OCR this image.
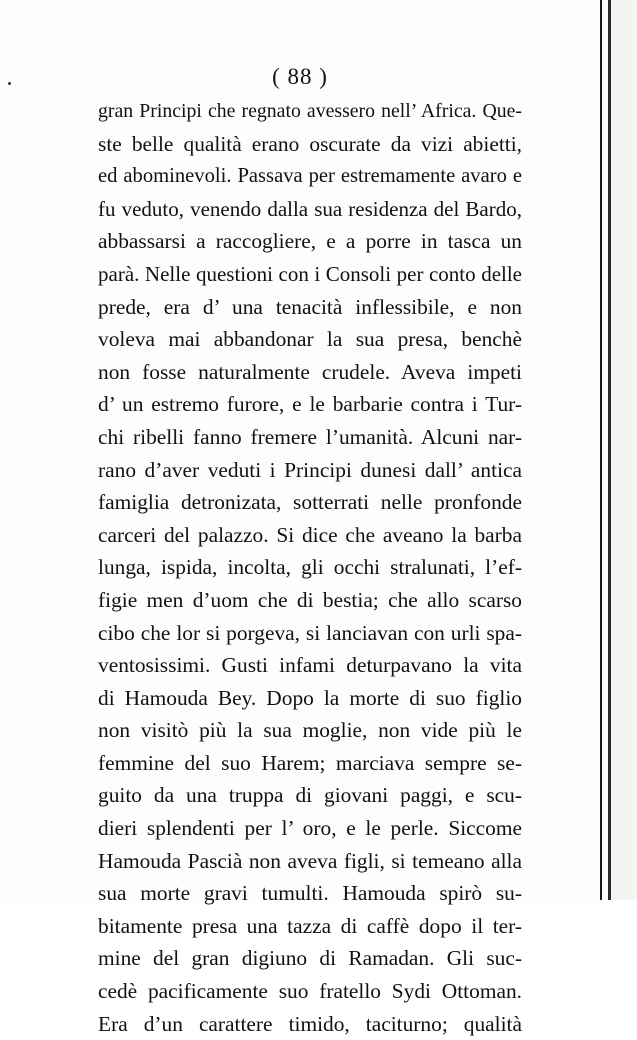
( 88 )
gran Principi che regnato avessero nell’ Africa. Que-
ste belle qualità erano oscurate da vizi abietti,
ed abominevoli. Passava per estremamente avaro e
fu veduto, venendo dalla sua residenza del Bardo,
abbassarsi a raccogliere, e a porre in tasca un
parà. Nelle questioni con i Consoli per conto delle
prede, era d’ una tenacità inflessibile, e non
voleva mai abbandonar la sua presa, benchè
non fosse naturalmente crudele. Aveva impeti
d’ un estremo furore, e le barbarie contra i Tur-
chi ribelli fanno fremere l’umanità. Alcuni nar-
rano d’aver veduti i Principi dunesi dall’ antica
famiglia detronizata, sotterrati nelle pronfonde
carceri del palazzo. Si dice che aveano la barba
lunga, ispida, incolta, gli occhi stralunati, l’ef-
figie men d’uom che di bestia; che allo scarso
cibo che lor si porgeva, si lanciavan con urli spa-
ventosissimi. Gusti infami deturpavano la vita
di Hamouda Bey. Dopo la morte di suo figlio
non visitò più la sua moglie, non vide più le
femmine del suo Harem; marciava sempre se-
guito da una truppa di giovani paggi, e scu-
dieri splendenti per l’ oro, e le perle. Siccome
Hamouda Pascià non aveva figli, si temeano alla
sua morte gravi tumulti. Hamouda spirò su-
bitamente presa una tazza di caffè dopo il ter-
mine del gran digiuno di Ramadan. Gli suc-
cedè pacificamente suo fratello Sydi Ottoman.
Era d’un carattere timido, taciturno; qualità
